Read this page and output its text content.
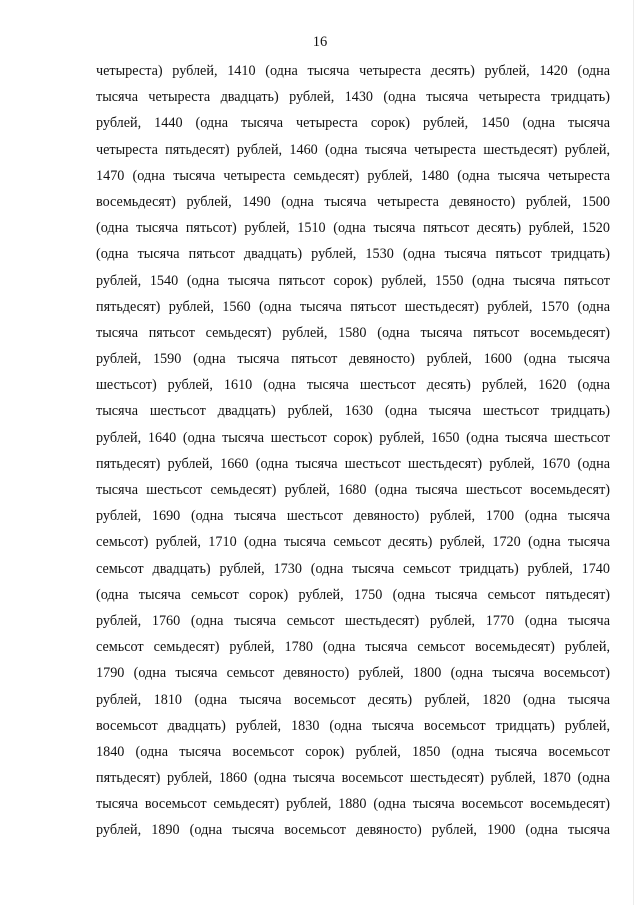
16
четыреста) рублей, 1410 (одна тысяча четыреста десять) рублей, 1420 (одна
тысяча четыреста двадцать) рублей, 1430 (одна тысяча четыреста тридцать)
рублей, 1440 (одна тысяча четыреста сорок) рублей, 1450 (одна тысяча
четыреста пятьдесят) рублей, 1460 (одна тысяча четыреста шестьдесят) рублей,
1470 (одна тысяча четыреста семьдесят) рублей, 1480 (одна тысяча четыреста
восемьдесят) рублей, 1490 (одна тысяча четыреста девяносто) рублей, 1500
(одна тысяча пятьсот) рублей, 1510 (одна тысяча пятьсот десять) рублей, 1520
(одна тысяча пятьсот двадцать) рублей, 1530 (одна тысяча пятьсот тридцать)
рублей, 1540 (одна тысяча пятьсот сорок) рублей, 1550 (одна тысяча пятьсот
пятьдесят) рублей, 1560 (одна тысяча пятьсот шестьдесят) рублей, 1570 (одна
тысяча пятьсот семьдесят) рублей, 1580 (одна тысяча пятьсот восемьдесят)
рублей, 1590 (одна тысяча пятьсот девяносто) рублей, 1600 (одна тысяча
шестьсот) рублей, 1610 (одна тысяча шестьсот десять) рублей, 1620 (одна
тысяча шестьсот двадцать) рублей, 1630 (одна тысяча шестьсот тридцать)
рублей, 1640 (одна тысяча шестьсот сорок) рублей, 1650 (одна тысяча шестьсот
пятьдесят) рублей, 1660 (одна тысяча шестьсот шестьдесят) рублей, 1670 (одна
тысяча шестьсот семьдесят) рублей, 1680 (одна тысяча шестьсот восемьдесят)
рублей, 1690 (одна тысяча шестьсот девяносто) рублей, 1700 (одна тысяча
семьсот) рублей, 1710 (одна тысяча семьсот десять) рублей, 1720 (одна тысяча
семьсот двадцать) рублей, 1730 (одна тысяча семьсот тридцать) рублей, 1740
(одна тысяча семьсот сорок) рублей, 1750 (одна тысяча семьсот пятьдесят)
рублей, 1760 (одна тысяча семьсот шестьдесят) рублей, 1770 (одна тысяча
семьсот семьдесят) рублей, 1780 (одна тысяча семьсот восемьдесят) рублей,
1790 (одна тысяча семьсот девяносто) рублей, 1800 (одна тысяча восемьсот)
рублей, 1810 (одна тысяча восемьсот десять) рублей, 1820 (одна тысяча
восемьсот двадцать) рублей, 1830 (одна тысяча восемьсот тридцать) рублей,
1840 (одна тысяча восемьсот сорок) рублей, 1850 (одна тысяча восемьсот
пятьдесят) рублей, 1860 (одна тысяча восемьсот шестьдесят) рублей, 1870 (одна
тысяча восемьсот семьдесят) рублей, 1880 (одна тысяча восемьсот восемьдесят)
рублей, 1890 (одна тысяча восемьсот девяносто) рублей, 1900 (одна тысяча
